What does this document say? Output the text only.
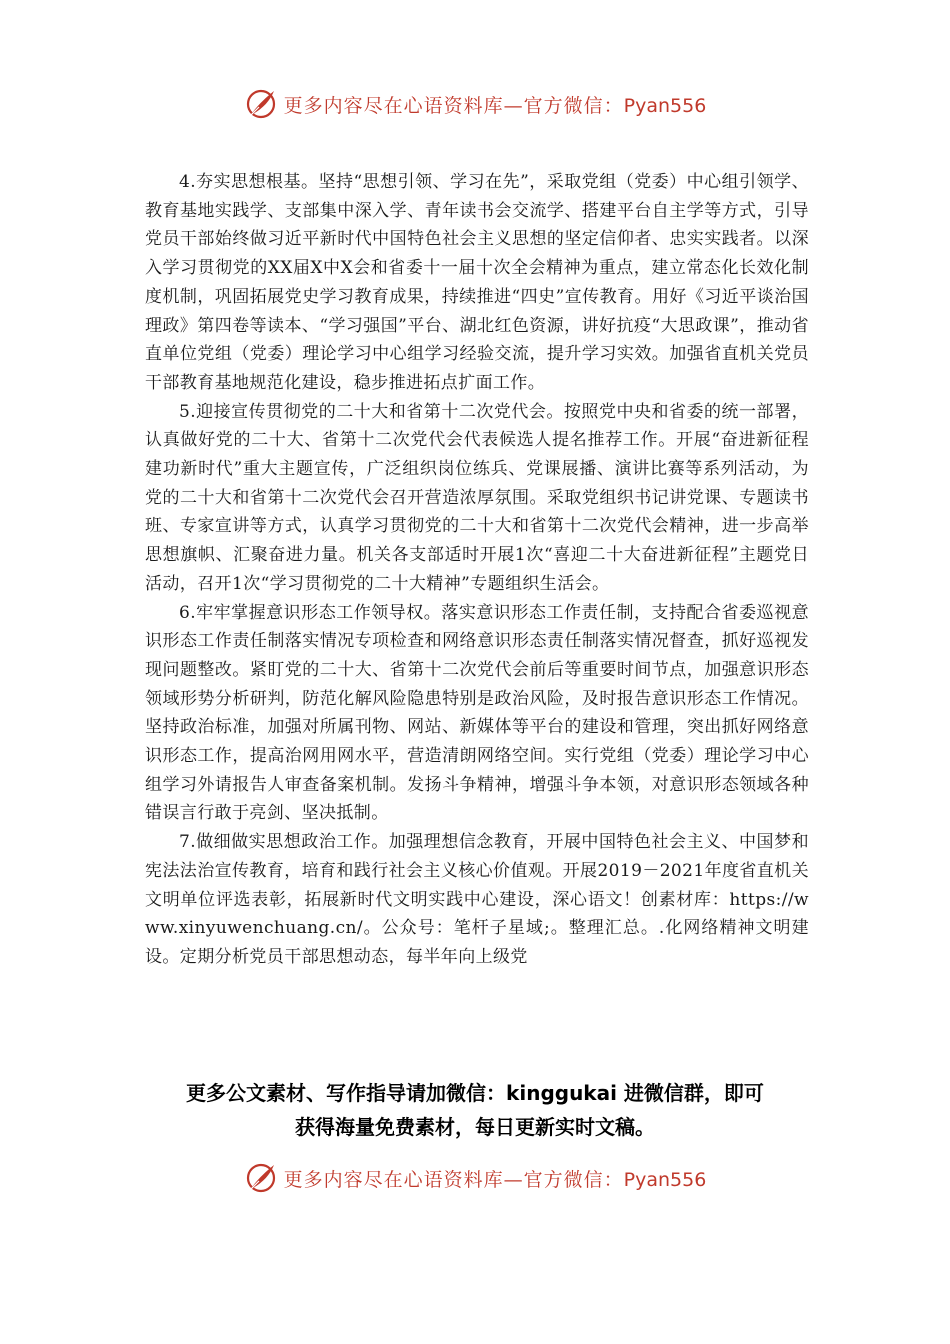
更多内容尽在心语资料库—官方微信：Pyan556

4.夯实思想根基。坚持“思想引领、学习在先”，采取党组（党委）中心组引领学、教育基地实践学、支部集中深入学、青年读书会交流学、搭建平台自主学等方式，引导党员干部始终做习近平新时代中国特色社会主义思想的坚定信仰者、忠实实践者。以深入学习贯彻党的XX届X中X会和省委十一届十次全会精神为重点，建立常态化长效化制度机制，巩固拓展党史学习教育成果，持续推进“四史”宣传教育。用好《习近平谈治国理政》第四卷等读本、“学习强国”平台、湖北红色资源，讲好抗疫“大思政课”，推动省直单位党组（党委）理论学习中心组学习经验交流，提升学习实效。加强省直机关党员干部教育基地规范化建设，稳步推进拓点扩面工作。

5.迎接宣传贯彻党的二十大和省第十二次党代会。按照党中央和省委的统一部署，认真做好党的二十大、省第十二次党代会代表候选人提名推荐工作。开展“奋进新征程建功新时代”重大主题宣传，广泛组织岗位练兵、党课展播、演讲比赛等系列活动，为党的二十大和省第十二次党代会召开营造浓厚氛围。采取党组织书记讲党课、专题读书班、专家宣讲等方式，认真学习贯彻党的二十大和省第十二次党代会精神，进一步高举思想旗帜、汇聚奋进力量。机关各支部适时开展1次“喜迎二十大奋进新征程”主题党日活动，召开1次“学习贯彻党的二十大精神”专题组织生活会。

6.牢牢掌握意识形态工作领导权。落实意识形态工作责任制，支持配合省委巡视意识形态工作责任制落实情况专项检查和网络意识形态责任制落实情况督查，抓好巡视发现问题整改。紧盯党的二十大、省第十二次党代会前后等重要时间节点，加强意识形态领域形势分析研判，防范化解风险隐患特别是政治风险，及时报告意识形态工作情况。坚持政治标准，加强对所属刊物、网站、新媒体等平台的建设和管理，突出抓好网络意识形态工作，提高治网用网水平，营造清朗网络空间。实行党组（党委）理论学习中心组学习外请报告人审查备案机制。发扬斗争精神，增强斗争本领，对意识形态领域各种错误言行敢于亮剑、坚决抵制。

7.做细做实思想政治工作。加强理想信念教育，开展中国特色社会主义、中国梦和宪法法治宣传教育，培育和践行社会主义核心价值观。开展2019－2021年度省直机关文明单位评选表彰，拓展新时代文明实践中心建设，深心语文！创素材库：https://www.xinyuwenchuang.cn/。公众号：笔杆子星域;。整理汇总。.化网络精神文明建设。定期分析党员干部思想动态，每半年向上级党

更多公文素材、写作指导请加微信：kinggukai 进微信群，即可
获得海量免费素材，每日更新实时文稿。
更多内容尽在心语资料库—官方微信：Pyan556
